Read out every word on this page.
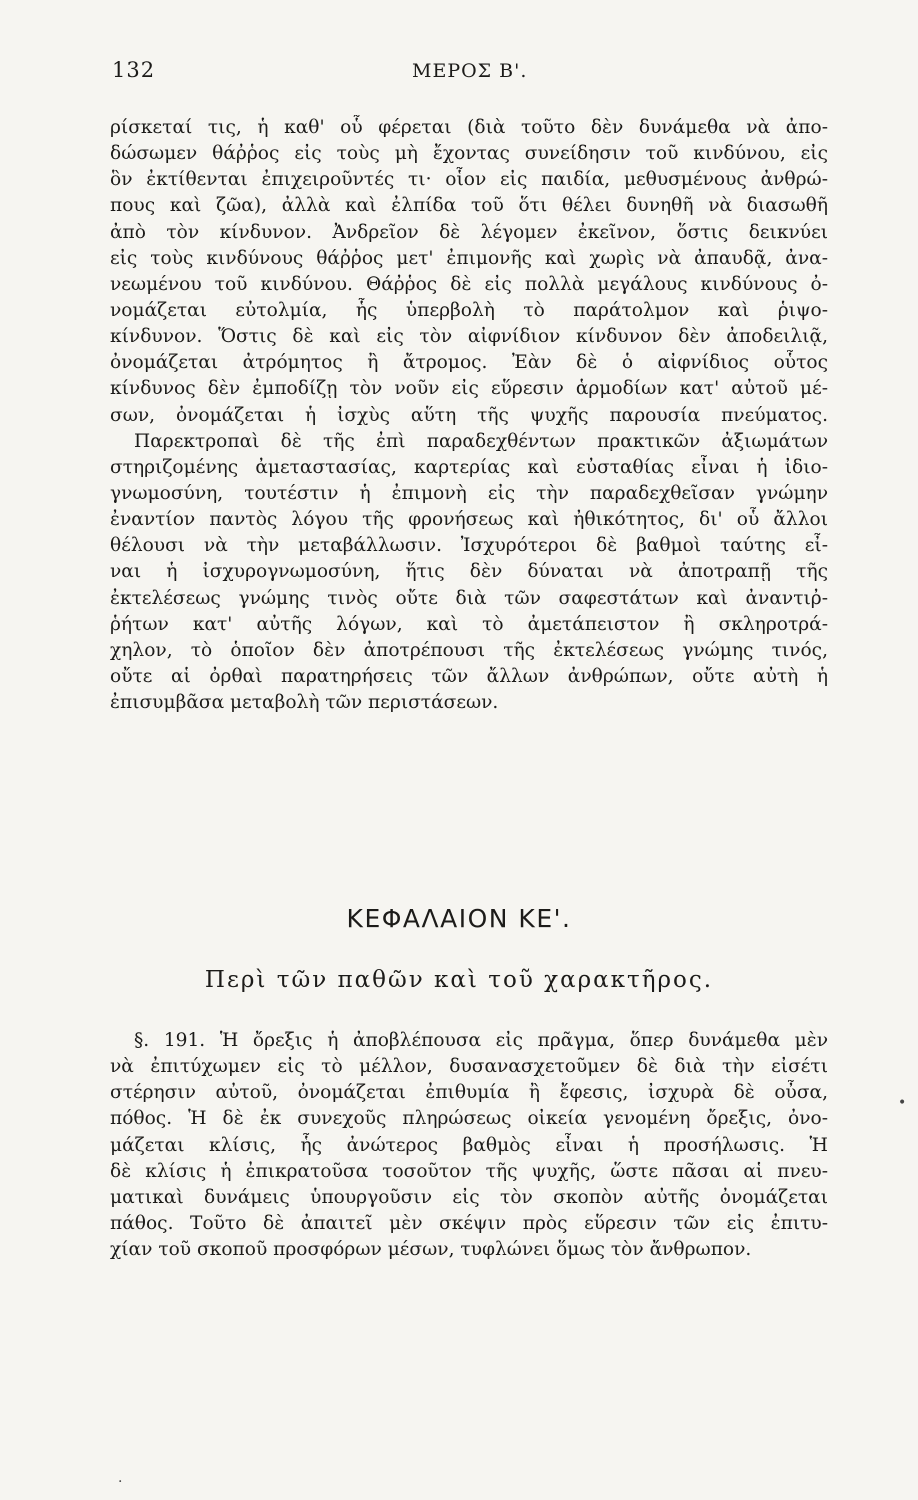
132	ΜΕΡΟΣ Β'.
ρίσκεταί τις, ἡ καθ' οὗ φέρεται (διὰ τοῦτο δὲν δυνάμεθα νὰ ἀπο-
δώσωμεν θάῤῥος εἰς τοὺς μὴ ἔχοντας συνείδησιν τοῦ κινδύνου, εἰς
ὃν ἐκτίθενται ἐπιχειροῦντές τι· οἷον εἰς παιδία, μεθυσμένους ἀνθρώ-
πους καὶ ζῶα), ἀλλὰ καὶ ἐλπίδα τοῦ ὅτι θέλει δυνηθῆ νὰ διασωθῆ
ἀπὸ τὸν κίνδυνον. Ἀνδρεῖον δὲ λέγομεν ἐκεῖνον, ὅστις δεικνύει
εἰς τοὺς κινδύνους θάῤῥος μετ' ἐπιμονῆς καὶ χωρὶς νὰ ἀπαυδᾷ, ἀνα-
νεωμένου τοῦ κινδύνου. Θάῤῥος δὲ εἰς πολλὰ μεγάλους κινδύνους ὀ-
νομάζεται εὐτολμία, ἧς ὑπερβολὴ τὸ παράτολμον καὶ ῥιψο-
κίνδυνον. Ὅστις δὲ καὶ εἰς τὸν αἰφνίδιον κίνδυνον δὲν ἀποδειλιᾷ,
ὀνομάζεται ἀτρόμητος ἢ ἄτρομος. Ἐὰν δὲ ὁ αἰφνίδιος οὗτος
κίνδυνος δὲν ἐμποδίζῃ τὸν νοῦν εἰς εὕρεσιν ἁρμοδίων κατ' αὐτοῦ μέ-
σων, ὀνομάζεται ἡ ἰσχὺς αὕτη τῆς ψυχῆς παρουσία πνεύματος.
Παρεκτροπαὶ δὲ τῆς ἐπὶ παραδεχθέντων πρακτικῶν ἀξιωμάτων
στηριζομένης ἀμεταστασίας, καρτερίας καὶ εὐσταθίας εἶναι ἡ ἰδιο-
γνωμοσύνη, τουτέστιν ἡ ἐπιμονὴ εἰς τὴν παραδεχθεῖσαν γνώμην
ἐναντίον παντὸς λόγου τῆς φρονήσεως καὶ ἠθικότητος, δι' οὗ ἄλλοι
θέλουσι νὰ τὴν μεταβάλλωσιν. Ἰσχυρότεροι δὲ βαθμοὶ ταύτης εἶ-
ναι ἡ ἰσχυρογνωμοσύνη, ἥτις δὲν δύναται νὰ ἀποτραπῇ τῆς
ἐκτελέσεως γνώμης τινὸς οὔτε διὰ τῶν σαφεστάτων καὶ ἀναντιῤ-
ῥήτων κατ' αὐτῆς λόγων, καὶ τὸ ἀμετάπειστον ἢ σκληροτρά-
χηλον, τὸ ὁποῖον δὲν ἀποτρέπουσι τῆς ἐκτελέσεως γνώμης τινός,
οὔτε αἱ ὀρθαὶ παρατηρήσεις τῶν ἄλλων ἀνθρώπων, οὔτε αὐτὴ ἡ
ἐπισυμβᾶσα μεταβολὴ τῶν περιστάσεων.
ΚΕΦΑΛΑΙΟΝ ΚΕ'.
Περὶ τῶν παθῶν καὶ τοῦ χαρακτῆρος.
§. 191. Ἡ ὄρεξις ἡ ἀποβλέπουσα εἰς πρᾶγμα, ὅπερ δυνάμεθα μὲν
νὰ ἐπιτύχωμεν εἰς τὸ μέλλον, δυσανασχετοῦμεν δὲ διὰ τὴν εἰσέτι
στέρησιν αὐτοῦ, ὀνομάζεται ἐπιθυμία ἢ ἔφεσις, ἰσχυρὰ δὲ οὖσα,
πόθος. Ἡ δὲ ἐκ συνεχοῦς πληρώσεως οἰκεία γενομένη ὄρεξις, ὀνο-
μάζεται κλίσις, ἧς ἀνώτερος βαθμὸς εἶναι ἡ προσήλωσις. Ἡ
δὲ κλίσις ἡ ἐπικρατοῦσα τοσοῦτον τῆς ψυχῆς, ὥστε πᾶσαι αἱ πνευ-
ματικαὶ δυνάμεις ὑπουργοῦσιν εἰς τὸν σκοπὸν αὐτῆς ὀνομάζεται
πάθος. Τοῦτο δὲ ἀπαιτεῖ μὲν σκέψιν πρὸς εὕρεσιν τῶν εἰς ἐπιτυ-
χίαν τοῦ σκοποῦ προσφόρων μέσων, τυφλώνει ὅμως τὸν ἄνθρωπον.
•
·
